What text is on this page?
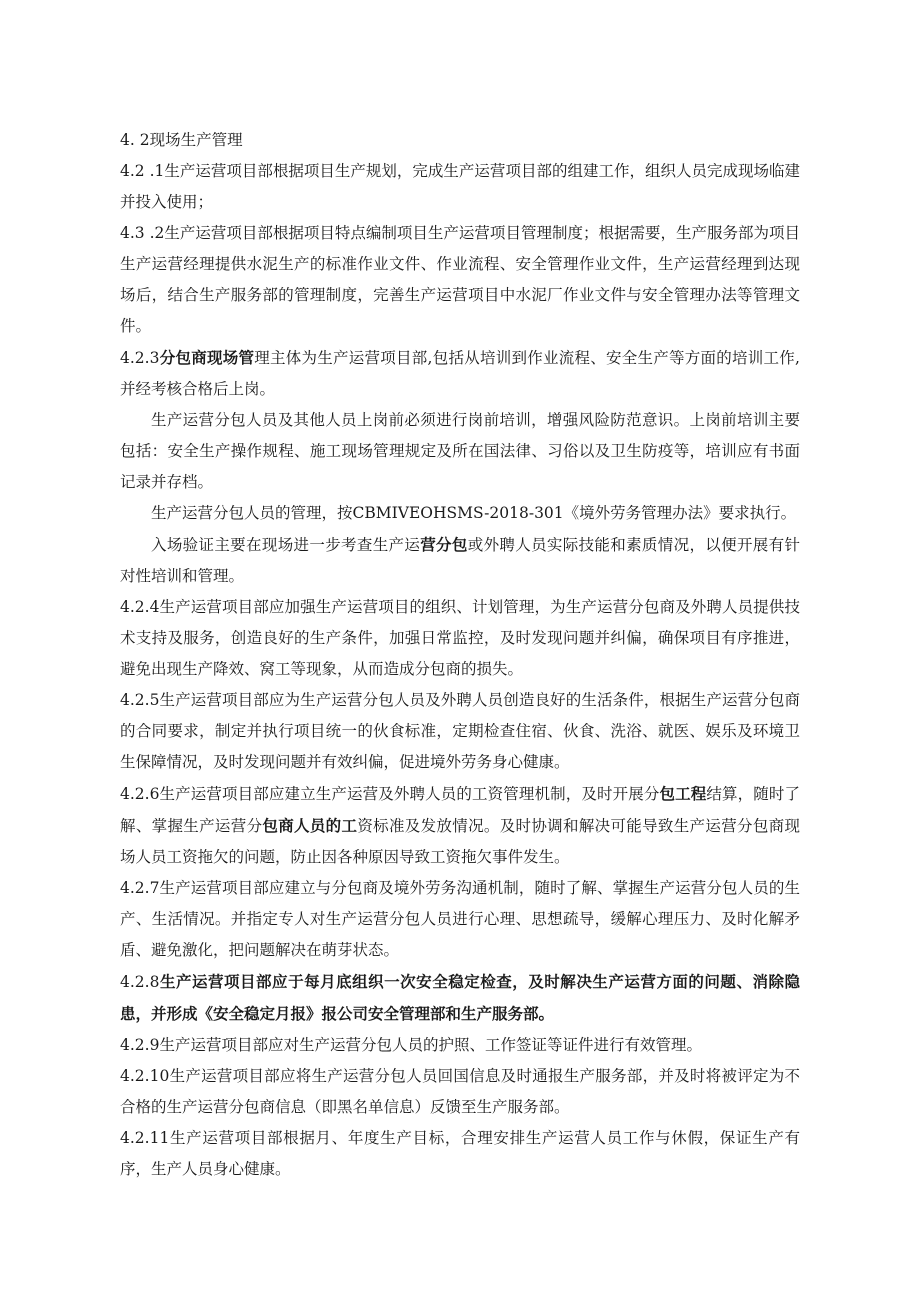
4. 2现场生产管理

4.2 .1生产运营项目部根据项目生产规划，完成生产运营项目部的组建工作，组织人员完成现场临建并投入使用；

4.3 .2生产运营项目部根据项目特点编制项目生产运营项目管理制度；根据需要，生产服务部为项目生产运营经理提供水泥生产的标准作业文件、作业流程、安全管理作业文件，生产运营经理到达现场后，结合生产服务部的管理制度，完善生产运营项目中水泥厂作业文件与安全管理办法等管理文件。

4.2.3分包商现场管理主体为生产运营项目部,包括从培训到作业流程、安全生产等方面的培训工作,并经考核合格后上岗。

生产运营分包人员及其他人员上岗前必须进行岗前培训，增强风险防范意识。上岗前培训主要包括：安全生产操作规程、施工现场管理规定及所在国法律、习俗以及卫生防疫等，培训应有书面记录并存档。

生产运营分包人员的管理，按CBMIVEOHSMS-2018-301《境外劳务管理办法》要求执行。

入场验证主要在现场进一步考查生产运营分包或外聘人员实际技能和素质情况，以便开展有针对性培训和管理。

4.2.4生产运营项目部应加强生产运营项目的组织、计划管理，为生产运营分包商及外聘人员提供技术支持及服务，创造良好的生产条件，加强日常监控，及时发现问题并纠偏，确保项目有序推进，避免出现生产降效、窝工等现象，从而造成分包商的损失。

4.2.5生产运营项目部应为生产运营分包人员及外聘人员创造良好的生活条件，根据生产运营分包商的合同要求，制定并执行项目统一的伙食标准，定期检查住宿、伙食、洗浴、就医、娱乐及环境卫生保障情况，及时发现问题并有效纠偏，促进境外劳务身心健康。

4.2.6生产运营项目部应建立生产运营及外聘人员的工资管理机制，及时开展分包工程结算，随时了解、掌握生产运营分包商人员的工资标准及发放情况。及时协调和解决可能导致生产运营分包商现场人员工资拖欠的问题，防止因各种原因导致工资拖欠事件发生。

4.2.7生产运营项目部应建立与分包商及境外劳务沟通机制，随时了解、掌握生产运营分包人员的生产、生活情况。并指定专人对生产运营分包人员进行心理、思想疏导，缓解心理压力、及时化解矛盾、避免激化，把问题解决在萌芽状态。

4.2.8生产运营项目部应于每月底组织一次安全稳定检查，及时解决生产运营方面的问题、消除隐患，并形成《安全稳定月报》报公司安全管理部和生产服务部。

4.2.9生产运营项目部应对生产运营分包人员的护照、工作签证等证件进行有效管理。

4.2.10生产运营项目部应将生产运营分包人员回国信息及时通报生产服务部，并及时将被评定为不合格的生产运营分包商信息（即黑名单信息）反馈至生产服务部。

4.2.11生产运营项目部根据月、年度生产目标，合理安排生产运营人员工作与休假，保证生产有序，生产人员身心健康。
